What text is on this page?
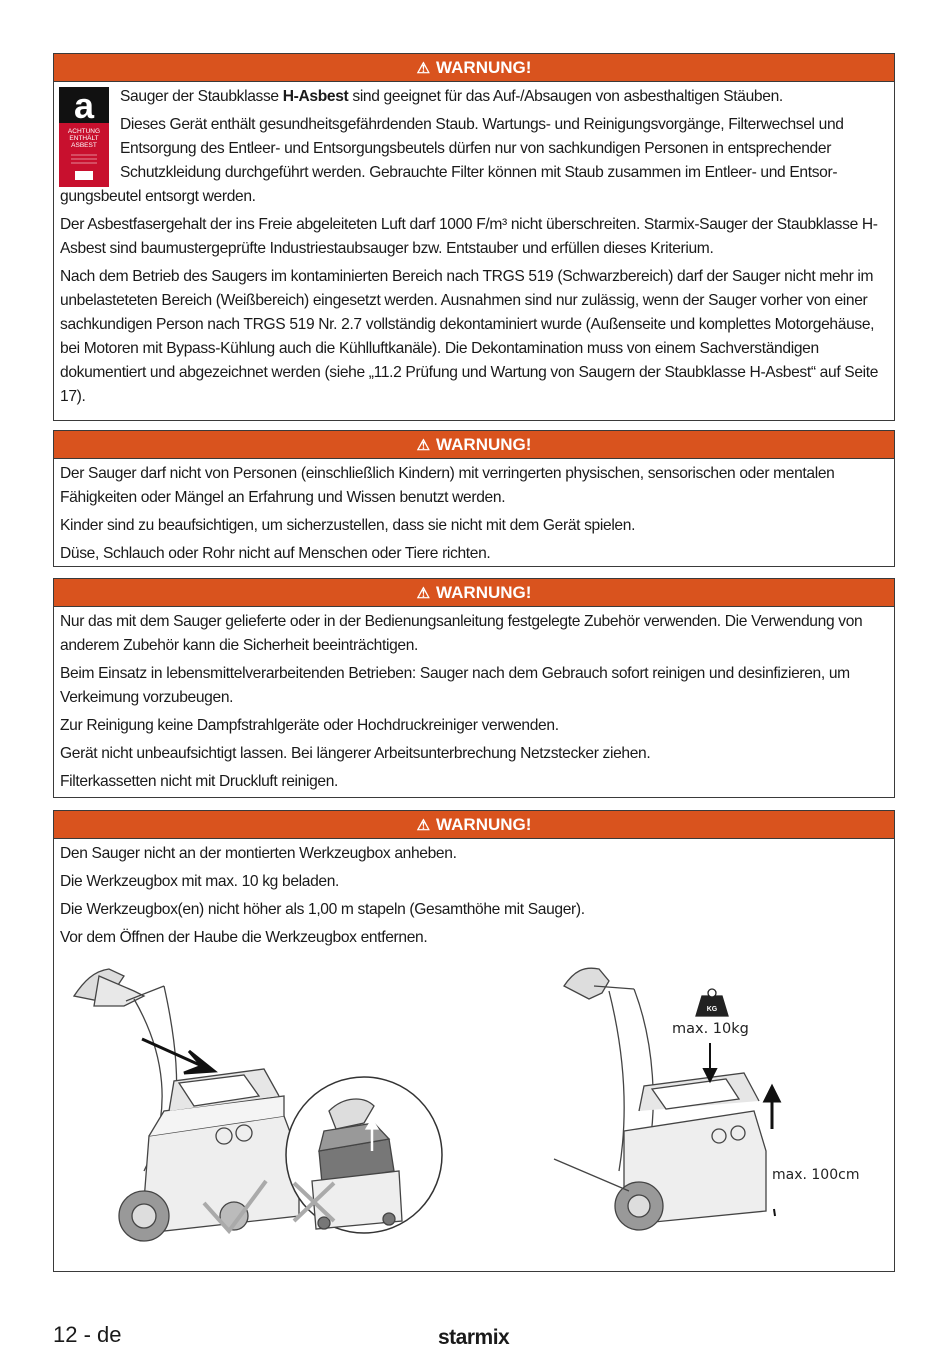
⚠ WARNUNG!
a
ACHTUNG
ENTHÄLT
ASBEST

Sauger der Staubklasse H-Asbest sind geeignet für das Auf-/Absaugen von asbesthaltigen Stäuben.

Dieses Gerät enthält gesundheitsgefährdenden Staub. Wartungs- und Reinigungsvorgänge, Filterwechsel und
Entsorgung des Entleer- und Entsorgungsbeutels dürfen nur von sachkundigen Personen in entsprechender
Schutzkleidung durchgeführt werden. Gebrauchte Filter können mit Staub zusammen im Entleer- und Entsor-
gungsbeutel entsorgt werden.

Der Asbestfasergehalt der ins Freie abgeleiteten Luft darf 1000 F/m³ nicht überschreiten. Starmix-Sauger der Staubklasse H-Asbest sind baumustergeprüfte Industriestaubsauger bzw. Entstauber und erfüllen dieses Kriterium.

Nach dem Betrieb des Saugers im kontaminierten Bereich nach TRGS 519 (Schwarzbereich) darf der Sauger nicht mehr im unbelasteteten Bereich (Weißbereich) eingesetzt werden. Ausnahmen sind nur zulässig, wenn der Sauger vorher von einer sachkundigen Person nach TRGS 519 Nr. 2.7 vollständig dekontaminiert wurde (Außenseite und komplettes Motorgehäuse, bei Motoren mit Bypass-Kühlung auch die Kühlluftkanäle). Die Dekontamination muss von einem Sachverständigen dokumentiert und abgezeichnet werden (siehe „11.2 Prüfung und Wartung von Saugern der Staubklasse H-Asbest“ auf Seite 17).

⚠ WARNUNG!

Der Sauger darf nicht von Personen (einschließlich Kindern) mit verringerten physischen, sensorischen oder mentalen Fähigkeiten oder Mängel an Erfahrung und Wissen benutzt werden.

Kinder sind zu beaufsichtigen, um sicherzustellen, dass sie nicht mit dem Gerät spielen.

Düse, Schlauch oder Rohr nicht auf Menschen oder Tiere richten.

⚠ WARNUNG!

Nur das mit dem Sauger gelieferte oder in der Bedienungsanleitung festgelegte Zubehör verwenden. Die Verwendung von anderem Zubehör kann die Sicherheit beeinträchtigen.

Beim Einsatz in lebensmittelverarbeitenden Betrieben: Sauger nach dem Gebrauch sofort reinigen und desinfizieren, um Verkeimung vorzubeugen.

Zur Reinigung keine Dampfstrahlgeräte oder Hochdruckreiniger verwenden.

Gerät nicht unbeaufsichtigt lassen. Bei längerer Arbeitsunterbrechung Netzstecker ziehen.

Filterkassetten nicht mit Druckluft reinigen.

⚠ WARNUNG!

Den Sauger nicht an der montierten Werkzeugbox anheben.

Die Werkzeugbox mit max. 10 kg beladen.

Die Werkzeugbox(en) nicht höher als 1,00 m stapeln (Gesamthöhe mit Sauger).

Vor dem Öffnen der Haube die Werkzeugbox entfernen.

KG
max. 10kg
max. 100cm
12 - de	starmix
